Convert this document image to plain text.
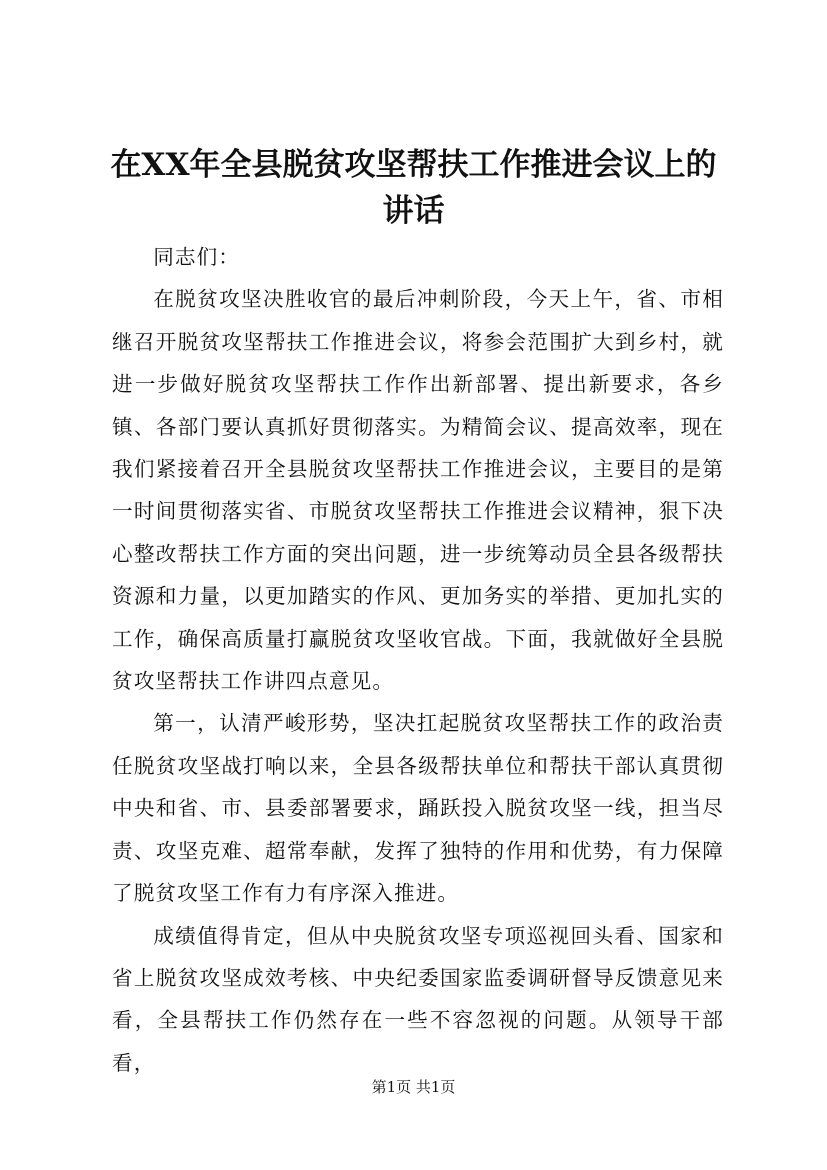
在XX年全县脱贫攻坚帮扶工作推进会议上的讲话

同志们：

在脱贫攻坚决胜收官的最后冲刺阶段，今天上午，省、市相继召开脱贫攻坚帮扶工作推进会议，将参会范围扩大到乡村，就进一步做好脱贫攻坚帮扶工作作出新部署、提出新要求，各乡镇、各部门要认真抓好贯彻落实。为精简会议、提高效率，现在我们紧接着召开全县脱贫攻坚帮扶工作推进会议，主要目的是第一时间贯彻落实省、市脱贫攻坚帮扶工作推进会议精神，狠下决心整改帮扶工作方面的突出问题，进一步统筹动员全县各级帮扶资源和力量，以更加踏实的作风、更加务实的举措、更加扎实的工作，确保高质量打赢脱贫攻坚收官战。下面，我就做好全县脱贫攻坚帮扶工作讲四点意见。

第一，认清严峻形势，坚决扛起脱贫攻坚帮扶工作的政治责任脱贫攻坚战打响以来，全县各级帮扶单位和帮扶干部认真贯彻中央和省、市、县委部署要求，踊跃投入脱贫攻坚一线，担当尽责、攻坚克难、超常奉献，发挥了独特的作用和优势，有力保障了脱贫攻坚工作有力有序深入推进。

成绩值得肯定，但从中央脱贫攻坚专项巡视回头看、国家和省上脱贫攻坚成效考核、中央纪委国家监委调研督导反馈意见来看，全县帮扶工作仍然存在一些不容忽视的问题。从领导干部看，

第1页 共1页
